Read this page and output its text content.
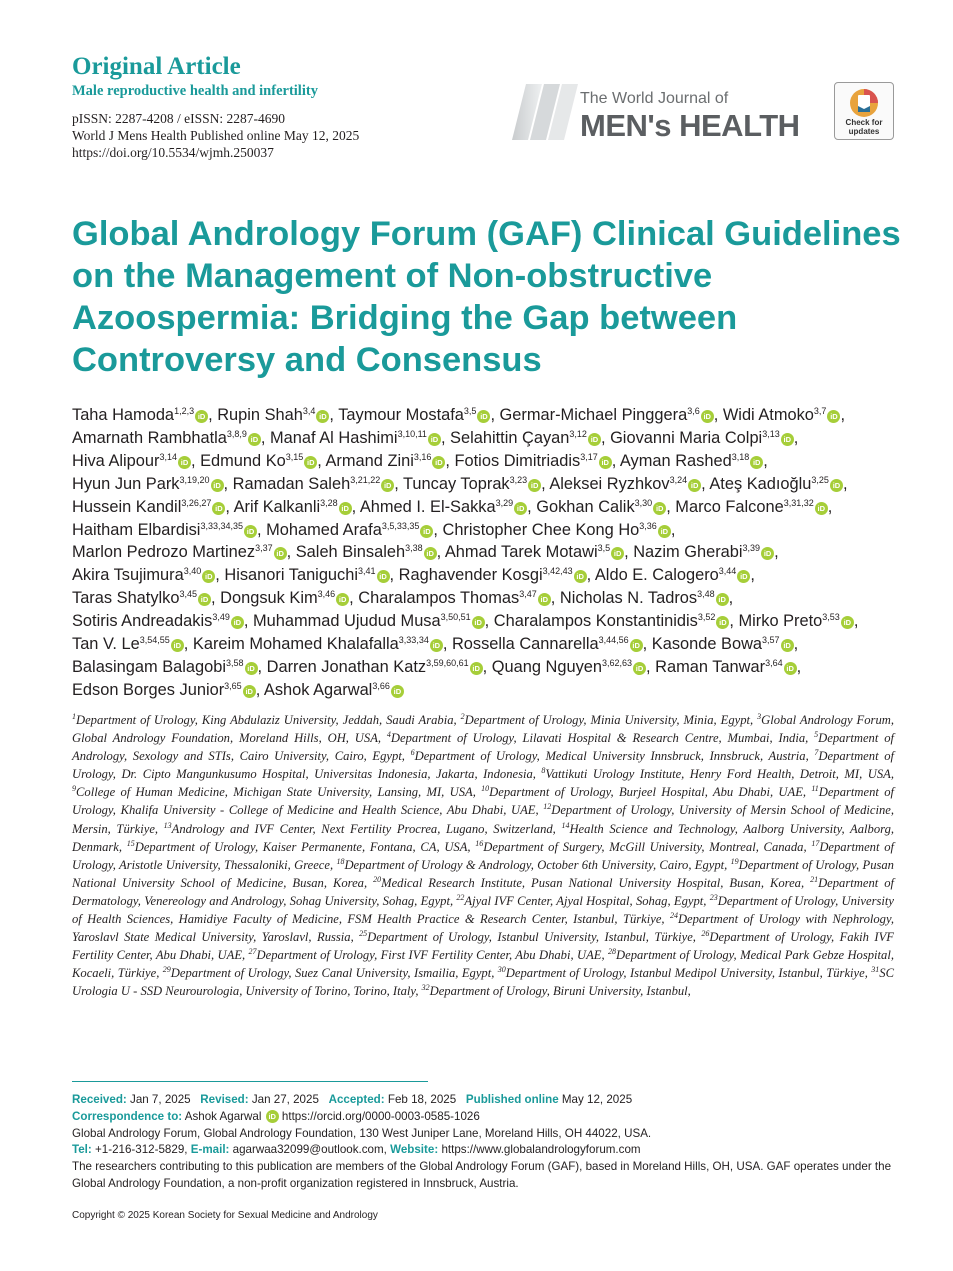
Original Article
Male reproductive health and infertility
pISSN: 2287-4208 / eISSN: 2287-4690
World J Mens Health Published online May 12, 2025
https://doi.org/10.5534/wjmh.250037
The World Journal of
MEN's HEALTH	Check for
updates
Global Andrology Forum (GAF) Clinical Guidelines on the Management of Non-obstructive Azoospermia: Bridging the Gap between Controversy and Consensus
Taha Hamoda$^{1,2,3}$iD , Rupin Shah$^{3,4}$iD , Taymour Mostafa$^{3,5}$iD , Germar-Michael Pinggera$^{3,6}$iD , Widi Atmoko$^{3,7}$iD , Amarnath Rambhatla$^{3,8,9}$iD , Manaf Al Hashimi$^{3,10,11}$iD , Selahittin Çayan$^{3,12}$iD , Giovanni Maria Colpi$^{3,13}$iD , Hiva Alipour$^{3,14}$iD , Edmund Ko$^{3,15}$iD , Armand Zini$^{3,16}$iD , Fotios Dimitriadis$^{3,17}$iD , Ayman Rashed$^{3,18}$iD , Hyun Jun Park$^{3,19,20}$iD , Ramadan Saleh$^{3,21,22}$iD , Tuncay Toprak$^{3,23}$iD , Aleksei Ryzhkov$^{3,24}$iD , Ateş Kadıoğlu$^{3,25}$iD , Hussein Kandil$^{3,26,27}$iD , Arif Kalkanli$^{3,28}$iD , Ahmed I. El-Sakka$^{3,29}$iD , Gokhan Calik$^{3,30}$iD , Marco Falcone$^{3,31,32}$iD , Haitham Elbardisi$^{3,33,34,35}$iD , Mohamed Arafa$^{3,5,33,35}$iD , Christopher Chee Kong Ho$^{3,36}$iD , Marlon Pedrozo Martinez$^{3,37}$iD , Saleh Binsaleh$^{3,38}$iD , Ahmad Tarek Motawi$^{3,5}$iD , Nazim Gherabi$^{3,39}$iD , Akira Tsujimura$^{3,40}$iD , Hisanori Taniguchi$^{3,41}$iD , Raghavender Kosgi$^{3,42,43}$iD , Aldo E. Calogero$^{3,44}$iD , Taras Shatylko$^{3,45}$iD , Dongsuk Kim$^{3,46}$iD , Charalampos Thomas$^{3,47}$iD , Nicholas N. Tadros$^{3,48}$iD , Sotiris Andreadakis$^{3,49}$iD , Muhammad Ujudud Musa$^{3,50,51}$iD , Charalampos Konstantinidis$^{3,52}$iD , Mirko Preto$^{3,53}$iD , Tan V. Le$^{3,54,55}$iD , Kareim Mohamed Khalafalla$^{3,33,34}$iD , Rossella Cannarella$^{3,44,56}$iD , Kasonde Bowa$^{3,57}$iD , Balasingam Balagobi$^{3,58}$iD , Darren Jonathan Katz$^{3,59,60,61}$iD , Quang Nguyen$^{3,62,63}$iD , Raman Tanwar$^{3,64}$iD , Edson Borges Junior$^{3,65}$iD , Ashok Agarwal$^{3,66}$iD
$^1$Department of Urology, King Abdulaziz University, Jeddah, Saudi Arabia, $^2$Department of Urology, Minia University, Minia, Egypt, $^3$Global Andrology Forum, Global Andrology Foundation, Moreland Hills, OH, USA, $^4$Department of Urology, Lilavati Hospital & Research Centre, Mumbai, India, $^5$Department of Andrology, Sexology and STIs, Cairo University, Cairo, Egypt, $^6$Department of Urology, Medical University Innsbruck, Innsbruck, Austria, $^7$Department of Urology, Dr. Cipto Mangunkusumo Hospital, Universitas Indonesia, Jakarta, Indonesia, $^8$Vattikuti Urology Institute, Henry Ford Health, Detroit, MI, USA, $^9$College of Human Medicine, Michigan State University, Lansing, MI, USA, $^{10}$Department of Urology, Burjeel Hospital, Abu Dhabi, UAE, $^{11}$Department of Urology, Khalifa University - College of Medicine and Health Science, Abu Dhabi, UAE, $^{12}$Department of Urology, University of Mersin School of Medicine, Mersin, Türkiye, $^{13}$Andrology and IVF Center, Next Fertility Procrea, Lugano, Switzerland, $^{14}$Health Science and Technology, Aalborg University, Aalborg, Denmark, $^{15}$Department of Urology, Kaiser Permanente, Fontana, CA, USA, $^{16}$Department of Surgery, McGill University, Montreal, Canada, $^{17}$Department of Urology, Aristotle University, Thessaloniki, Greece, $^{18}$Department of Urology & Andrology, October 6th University, Cairo, Egypt, $^{19}$Department of Urology, Pusan National University School of Medicine, Busan, Korea, $^{20}$Medical Research Institute, Pusan National University Hospital, Busan, Korea, $^{21}$Department of Dermatology, Venereology and Andrology, Sohag University, Sohag, Egypt, $^{22}$Ajyal IVF Center, Ajyal Hospital, Sohag, Egypt, $^{23}$Department of Urology, University of Health Sciences, Hamidiye Faculty of Medicine, FSM Health Practice & Research Center, Istanbul, Türkiye, $^{24}$Department of Urology with Nephrology, Yaroslavl State Medical University, Yaroslavl, Russia, $^{25}$Department of Urology, Istanbul University, Istanbul, Türkiye, $^{26}$Department of Urology, Fakih IVF Fertility Center, Abu Dhabi, UAE, $^{27}$Department of Urology, First IVF Fertility Center, Abu Dhabi, UAE, $^{28}$Department of Urology, Medical Park Gebze Hospital, Kocaeli, Türkiye, $^{29}$Department of Urology, Suez Canal University, Ismailia, Egypt, $^{30}$Department of Urology, Istanbul Medipol University, Istanbul, Türkiye, $^{31}$SC Urologia U - SSD Neurourologia, University of Torino, Torino, Italy, $^{32}$Department of Urology, Biruni University, Istanbul,
Received: Jan 7, 2025 Revised: Jan 27, 2025 Accepted: Feb 18, 2025 Published online May 12, 2025
Correspondence to: Ashok Agarwal iD https://orcid.org/0000-0003-0585-1026
Global Andrology Forum, Global Andrology Foundation, 130 West Juniper Lane, Moreland Hills, OH 44022, USA.
Tel: +1-216-312-5829, E-mail: agarwaa32099@outlook.com, Website: https://www.globalandrologyforum.com
The researchers contributing to this publication are members of the Global Andrology Forum (GAF), based in Moreland Hills, OH, USA. GAF operates under the Global Andrology Foundation, a non-profit organization registered in Innsbruck, Austria.
Copyright © 2025 Korean Society for Sexual Medicine and Andrology
